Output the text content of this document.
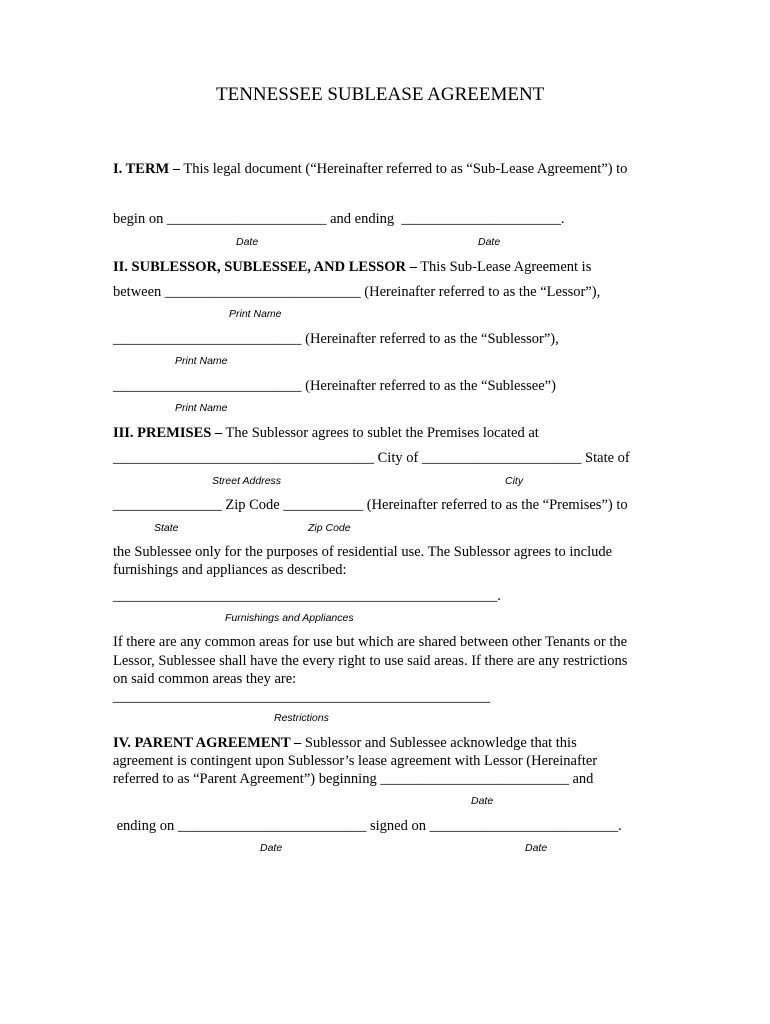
TENNESSEE SUBLEASE AGREEMENT
I. TERM – This legal document (“Hereinafter referred to as “Sub-Lease Agreement”) to
begin on ______________________ and ending  ______________________.
Date	Date
II. SUBLESSOR, SUBLESSEE, AND LESSOR – This Sub-Lease Agreement is
between ___________________________ (Hereinafter referred to as the “Lessor”),
Print Name
__________________________ (Hereinafter referred to as the “Sublessor”),
Print Name
__________________________ (Hereinafter referred to as the “Sublessee”)
Print Name
III. PREMISES – The Sublessor agrees to sublet the Premises located at
____________________________________ City of ______________________ State of
Street Address	City
_______________ Zip Code ___________ (Hereinafter referred to as the “Premises”) to
State	Zip Code
the Sublessee only for the purposes of residential use. The Sublessor agrees to include
furnishings and appliances as described:
_____________________________________________________.
Furnishings and Appliances
If there are any common areas for use but which are shared between other Tenants or the
Lessor, Sublessee shall have the every right to use said areas. If there are any restrictions
on said common areas they are:
____________________________________________________
Restrictions
IV. PARENT AGREEMENT – Sublessor and Sublessee acknowledge that this
agreement is contingent upon Sublessor’s lease agreement with Lessor (Hereinafter
referred to as “Parent Agreement”) beginning __________________________ and
Date
ending on __________________________ signed on __________________________.
Date	Date
